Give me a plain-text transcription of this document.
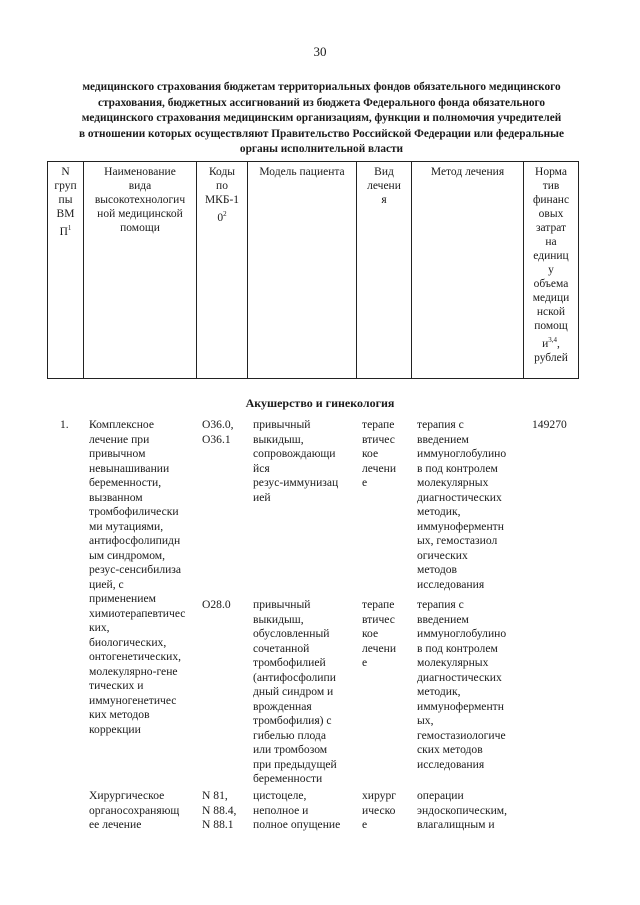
30
медицинского страхования бюджетам территориальных фондов обязательного медицинского
страхования, бюджетных ассигнований из бюджета Федерального фонда обязательного
медицинского страхования медицинским организациям, функции и полномочия учредителей
в отношении которых осуществляют Правительство Российской Федерации или федеральные
органы исполнительной власти
N
груп
пы
ВМ
$П^1$
Наименование
вида
высокотехнологич
ной медицинской
помощи
Коды
по
МКБ-1
$0^2$
Модель пациента	Вид
лечени
я
Метод лечения	Норма
тив
финанс
овых
затрат
на
единиц
у
объема
медици
нской
помощ
$и^{3,4}$,
рублей
Акушерство и гинекология
1. Комплексное
лечение при
привычном
невынашивании
беременности,
вызванном
тромбофилически
ми мутациями,
антифосфолипидн
ым синдромом,
резус-сенсибилиза
цией, с
применением
химиотерапевтичес
ких,
биологических,
онтогенетических,
молекулярно-гене
тических и
иммуногенетичес
ких методов
коррекции
O36.0,
O36.1
привычный
выкидыш,
сопровождающи
йся
резус-иммунизац
ией
терапе
втичес
кое
лечени
е
терапия с
введением
иммуноглобулино
в под контролем
молекулярных
диагностических
методик,
иммуноферментн
ых, гемостазиол
огических
методов
исследования
149270
O28.0 привычный
выкидыш,
обусловленный
сочетанной
тромбофилией
(антифосфолипи
дный синдром и
врожденная
тромбофилия) с
гибелью плода
или тромбозом
при предыдущей
беременности
терапе
втичес
кое
лечени
е
терапия с
введением
иммуноглобулино
в под контролем
молекулярных
диагностических
методик,
иммуноферментн
ых,
гемостазиологиче
ских методов
исследования
Хирургическое
органосохраняющ
ее лечение
N 81,
N 88.4,
N 88.1
цистоцеле,
неполное и
полное опущение
хирург
ическо
е
операции
эндоскопическим,
влагалищным и
